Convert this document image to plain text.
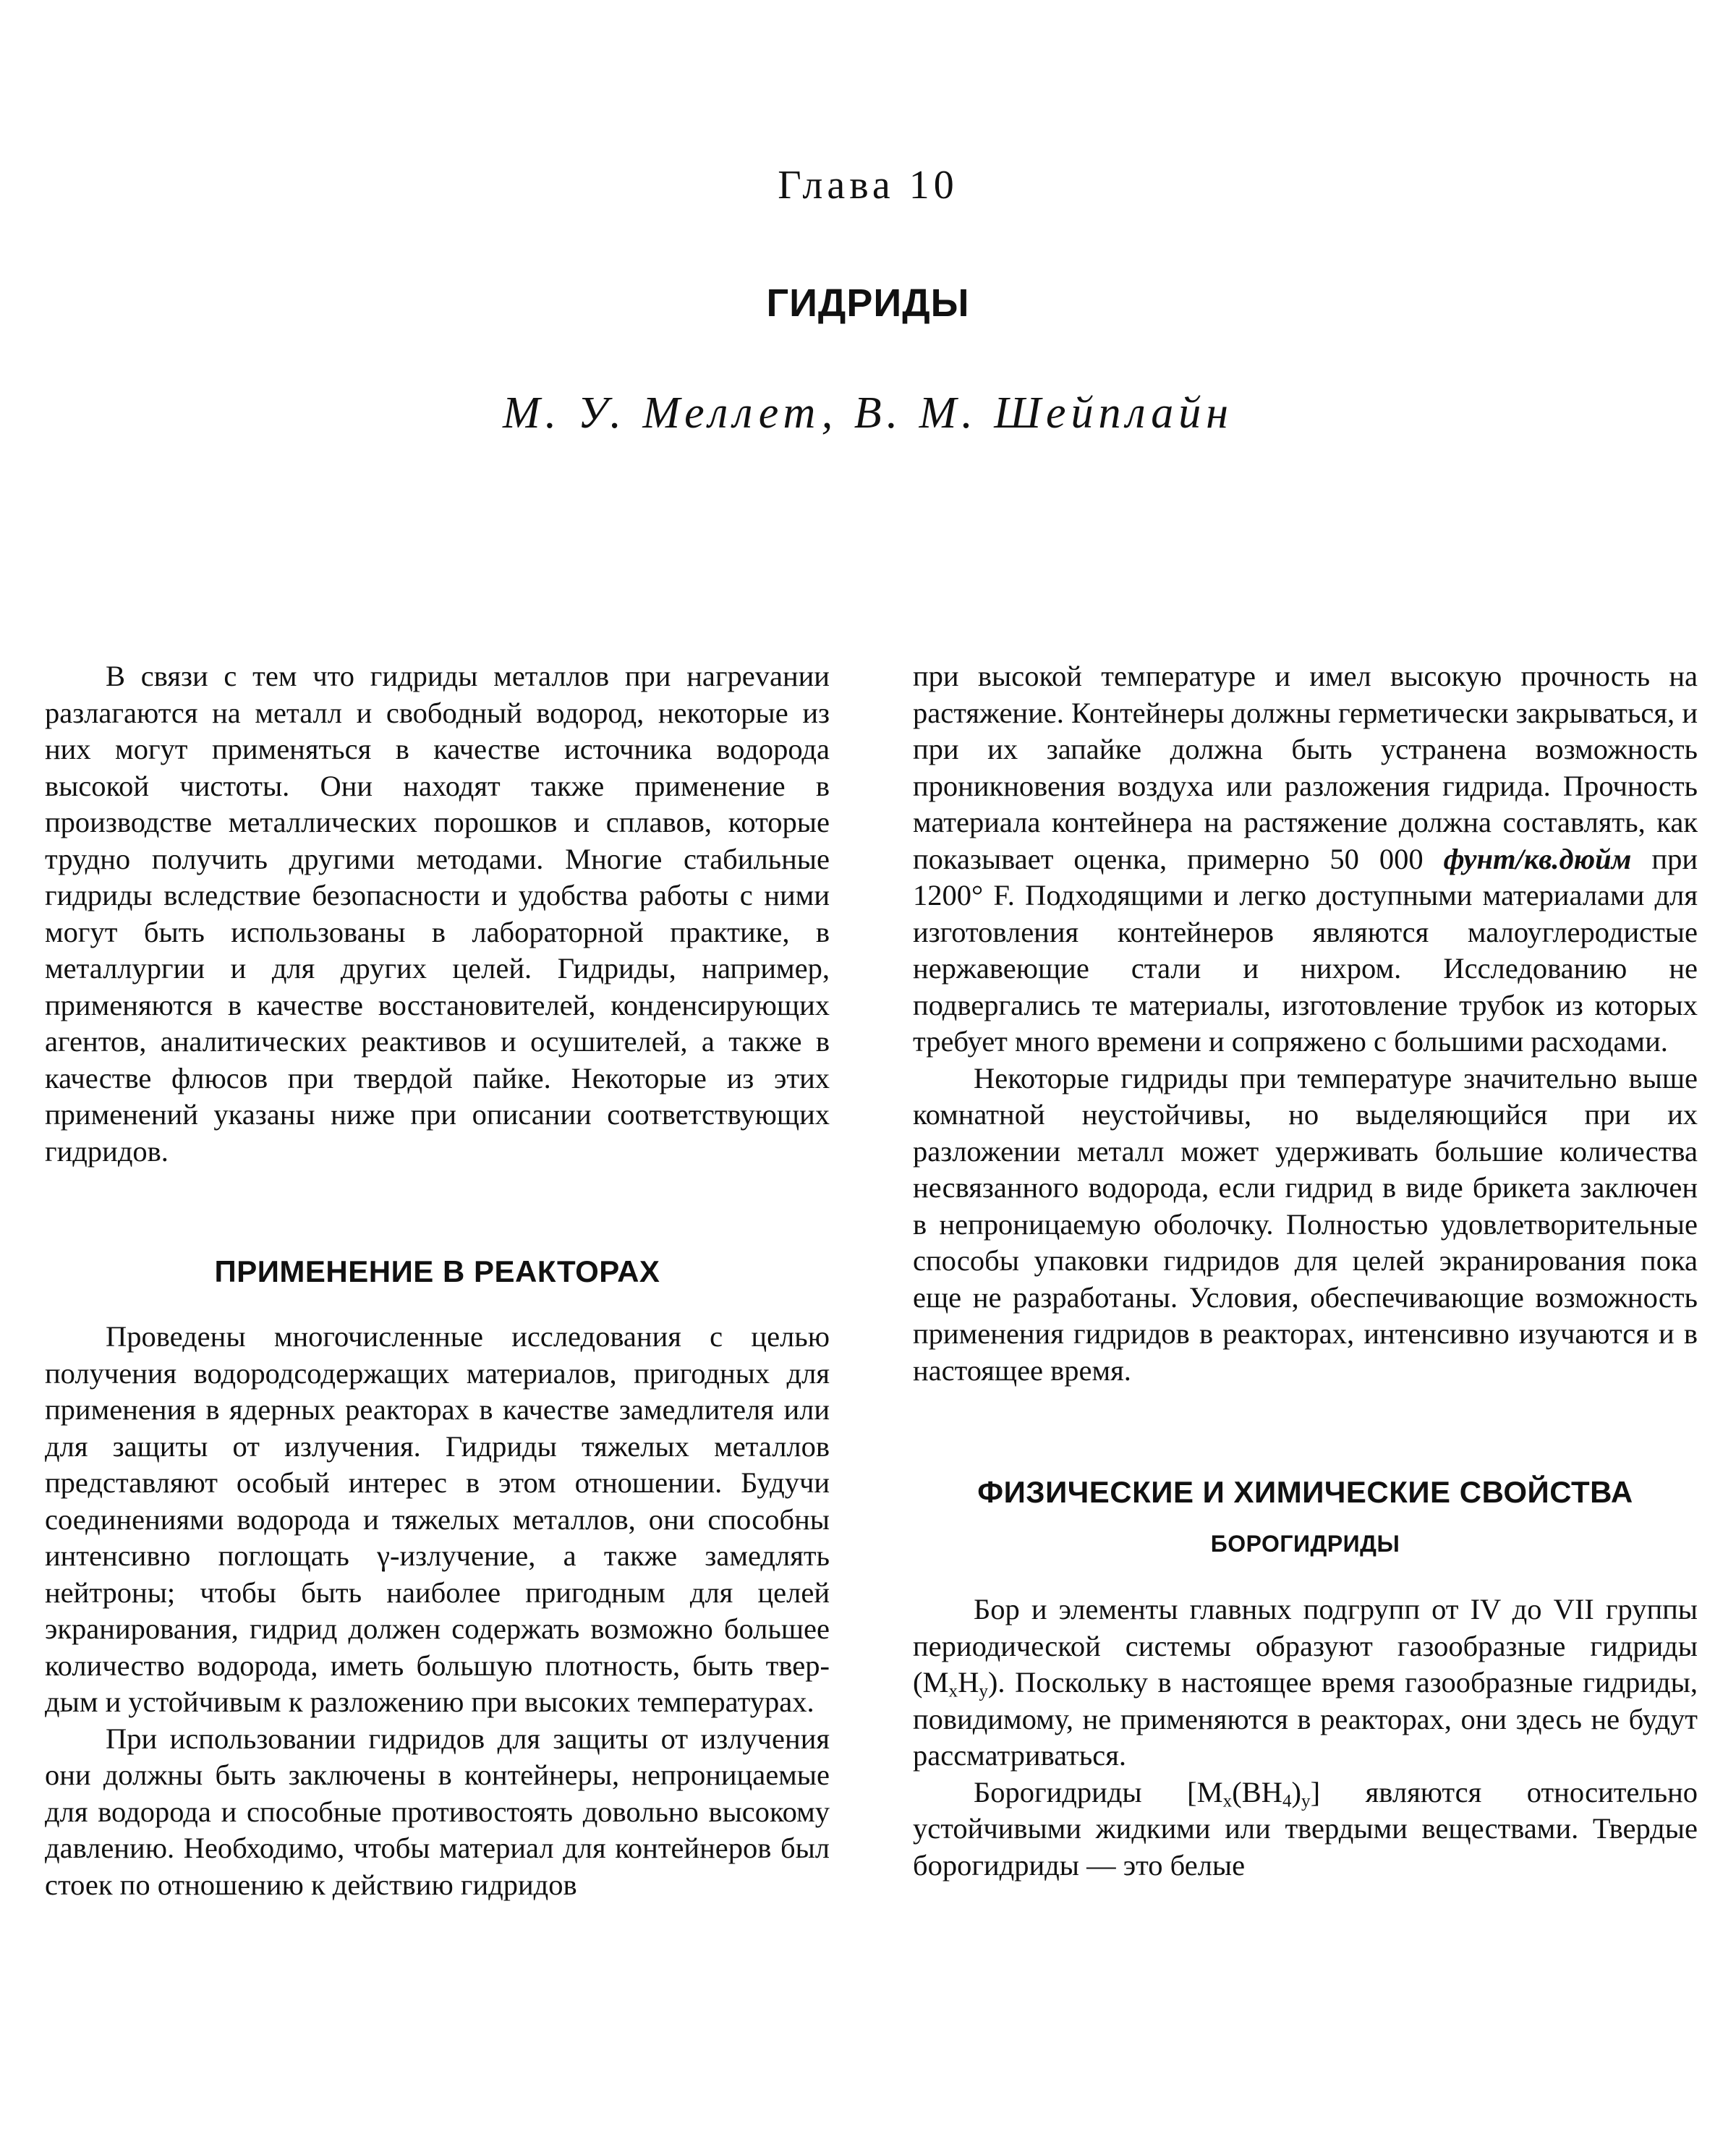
Глава 10
ГИДРИДЫ
М. У. Меллет, В. М. Шейплайн

В связи с тем что гидриды металлов при нагреvании разлагаются на металл и свободный водород, некоторые из них могут применяться в качестве источника водорода высокой чистоты. Они находят также применение в производстве металлических порошков и сплавов, которые трудно получить другими методами. Многие стабильные гидриды вследствие безопасности и удобства работы с ними могут быть использованы в лабораторной практике, в металлургии и для других целей. Гидриды, например, применяются в качестве восстановителей, конденсирующих агентов, аналитических реактивов и осушителей, а также в качестве флюсов при твердой пайке. Некоторые из этих применений указаны ниже при описании соответствующих гидридов.

ПРИМЕНЕНИЕ В РЕАКТОРАХ

Проведены многочисленные исследования с целью получения водородсодержащих материалов, пригодных для применения в ядерных реакторах в качестве замедлителя или для защиты от излучения. Гидриды тяжелых металлов представляют особый интерес в этом отношении. Будучи соединениями водорода и тяжелых металлов, они способны интенсивно поглощать γ-излучение, а также замедлять нейтроны; чтобы быть наиболее пригодным для целей экранирования, гидрид должен содержать возможно большее количество водорода, иметь большую плотность, быть твердым и устойчивым к разложению при высоких температурах.

При использовании гидридов для защиты от излучения они должны быть заключены в контейнеры, непроницаемые для водорода и способные противостоять довольно высокому давлению. Необходимо, чтобы материал для контейнеров был стоек по отношению к действию гидридов

при высокой температуре и имел высокую прочность на растяжение. Контейнеры должны герметически закрываться, и при их запайке должна быть устранена возможность проникновения воздуха или разложения гидрида. Прочность материала контейнера на растяжение должна составлять, как показывает оценка, примерно 50 000 фунт/кв.дюйм при 1200° F. Подходящими и легко доступными материалами для изготовления контейнеров являются малоуглеродистые нержавеющие стали и нихром. Исследованию не подвергались те материалы, изготовление трубок из которых требует много времени и сопряжено с большими расходами.

Некоторые гидриды при температуре значительно выше комнатной неустойчивы, но выделяющийся при их разложении металл может удерживать большие количества несвязанного водорода, если гидрид в виде брикета заключен в непроницаемую оболочку. Полностью удовлетворительные способы упаковки гидридов для целей экранирования пока еще не разработаны. Условия, обеспечивающие возможность применения гидридов в реакторах, интенсивно изучаются и в настоящее время.

ФИЗИЧЕСКИЕ И ХИМИЧЕСКИЕ СВОЙСТВА
БОРОГИДРИДЫ

Бор и элементы главных подгрупп от IV до VII группы периодической системы образуют газообразные гидриды $(M_xH_y)$. Поскольку в настоящее время газообразные гидриды, повидимому, не применяются в реакторах, они здесь не будут рассматриваться.

Борогидриды $[M_x(BH_4)_y]$ являются относительно устойчивыми жидкими или твердыми веществами. Твердые борогидриды — это белые
